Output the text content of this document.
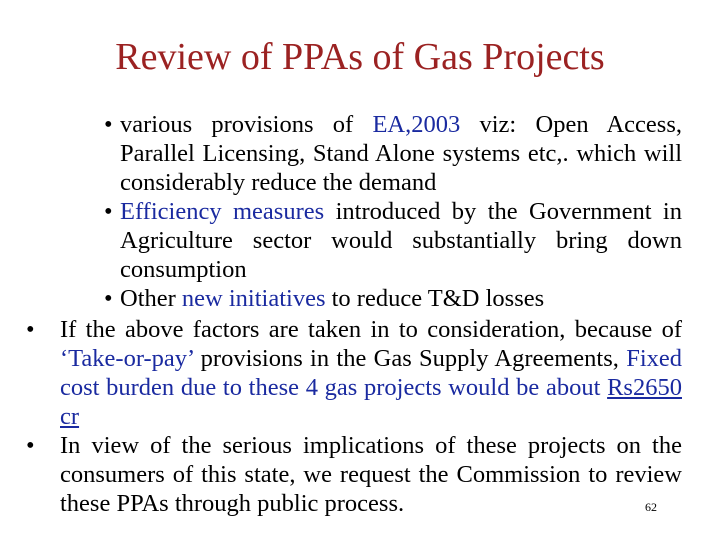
Review of PPAs of Gas Projects
• various provisions of EA,2003 viz: Open Access, Parallel Licensing, Stand Alone systems etc,. which will considerably reduce the demand
• Efficiency measures introduced by the Government in Agriculture sector would substantially bring down consumption
• Other new initiatives to reduce T&D losses
• If the above factors are taken in to consideration, because of ‘Take-or-pay’ provisions in the Gas Supply Agreements, Fixed cost burden due to these 4 gas projects would be about Rs2650 cr
• In view of the serious implications of these projects on the consumers of this state, we request the Commission to review these PPAs through public process.	62
